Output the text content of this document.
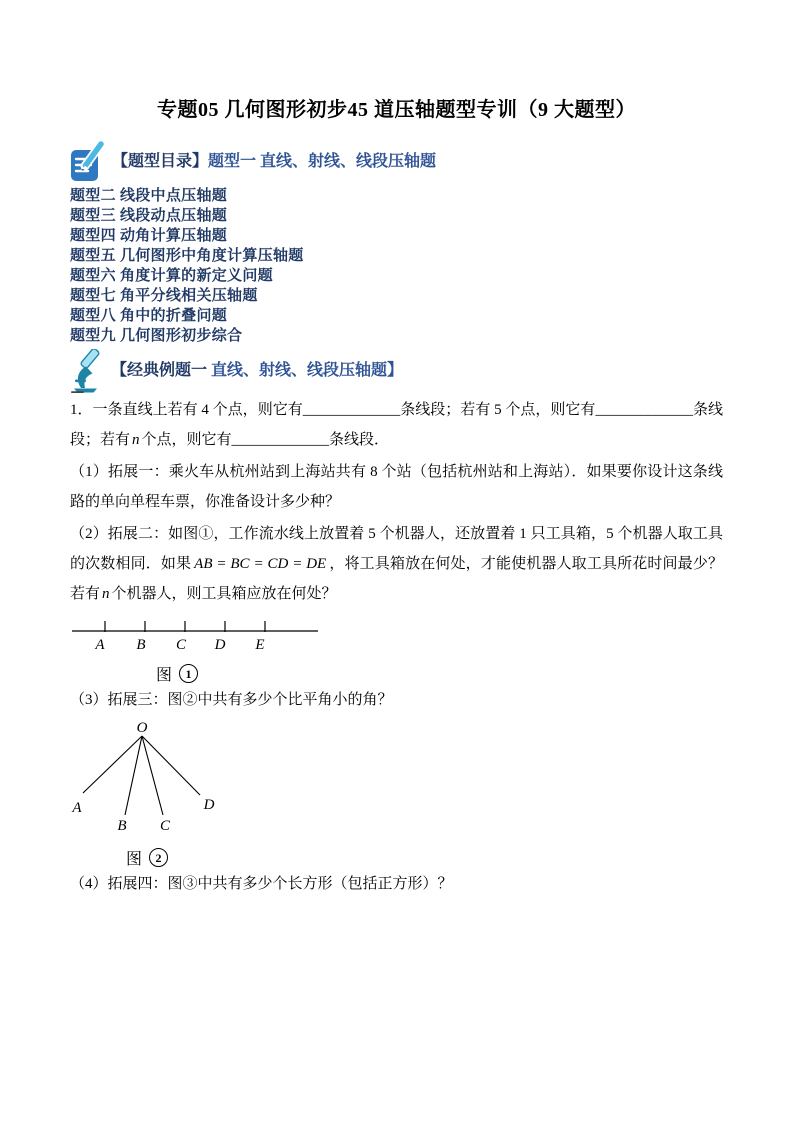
专题05 几何图形初步45 道压轴题型专训（9 大题型）

【题型目录】题型一 直线、射线、线段压轴题

题型二 线段中点压轴题
题型三 线段动点压轴题
题型四 动角计算压轴题
题型五 几何图形中角度计算压轴题
题型六 角度计算的新定义问题
题型七 角平分线相关压轴题
题型八 角中的折叠问题
题型九 几何图形初步综合

【经典例题一 直线、射线、线段压轴题】

1．一条直线上若有 4 个点，则它有_____________条线段；若有 5 个点，则它有_____________条线段；若有 n 个点，则它有_____________条线段．

（1）拓展一：乘火车从杭州站到上海站共有 8 个站（包括杭州站和上海站）．如果要你设计这条线路的单向单程车票，你准备设计多少种？

（2）拓展二：如图①，工作流水线上放置着 5 个机器人，还放置着 1 只工具箱，5 个机器人取工具的次数相同．如果 AB = BC = CD = DE ，将工具箱放在何处，才能使机器人取工具所花时间最少？若有 n 个机器人，则工具箱应放在何处？

A B C D E
图	1

（3）拓展三：图②中共有多少个比平角小的角？

O
A
B C
D
图	2

（4）拓展四：图③中共有多少个长方形（包括正方形）？
